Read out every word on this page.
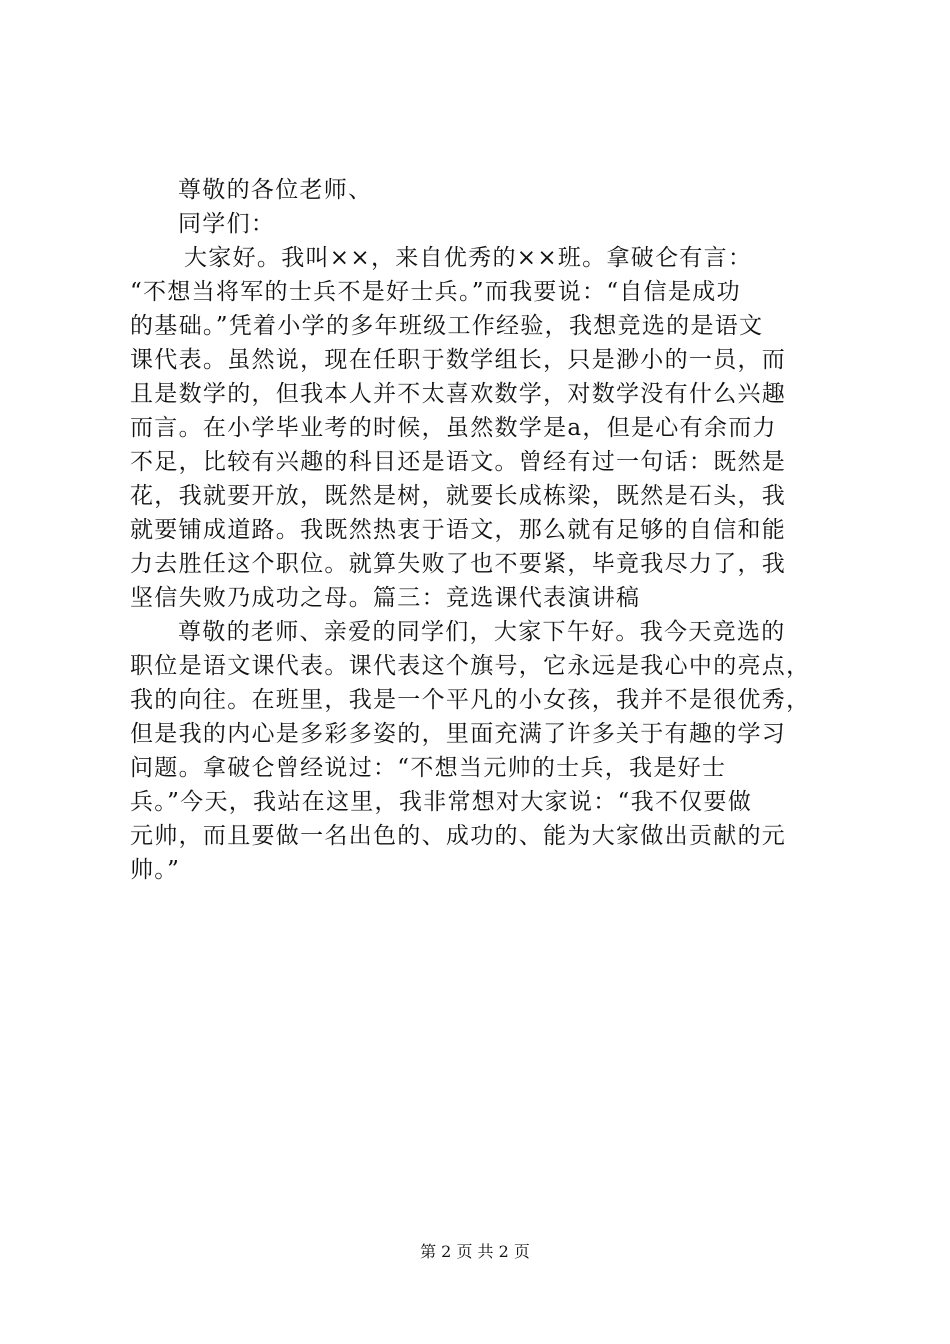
尊敬的各位老师、
同学们：
大家好。我叫××，来自优秀的××班。拿破仑有言：
“不想当将军的士兵不是好士兵。”而我要说：“自信是成功
的基础。”凭着小学的多年班级工作经验，我想竞选的是语文
课代表。虽然说，现在任职于数学组长，只是渺小的一员，而
且是数学的，但我本人并不太喜欢数学，对数学没有什么兴趣
而言。在小学毕业考的时候，虽然数学是a，但是心有余而力
不足，比较有兴趣的科目还是语文。曾经有过一句话：既然是
花，我就要开放，既然是树，就要长成栋梁，既然是石头，我
就要铺成道路。我既然热衷于语文，那么就有足够的自信和能
力去胜任这个职位。就算失败了也不要紧，毕竟我尽力了，我
坚信失败乃成功之母。篇三：竞选课代表演讲稿
尊敬的老师、亲爱的同学们，大家下午好。我今天竞选的
职位是语文课代表。课代表这个旗号，它永远是我心中的亮点，
我的向往。在班里，我是一个平凡的小女孩，我并不是很优秀，
但是我的内心是多彩多姿的，里面充满了许多关于有趣的学习
问题。拿破仑曾经说过：“不想当元帅的士兵，我是好士
兵。”今天，我站在这里，我非常想对大家说：“我不仅要做
元帅，而且要做一名出色的、成功的、能为大家做出贡献的元
帅。”
第 2 页 共 2 页
